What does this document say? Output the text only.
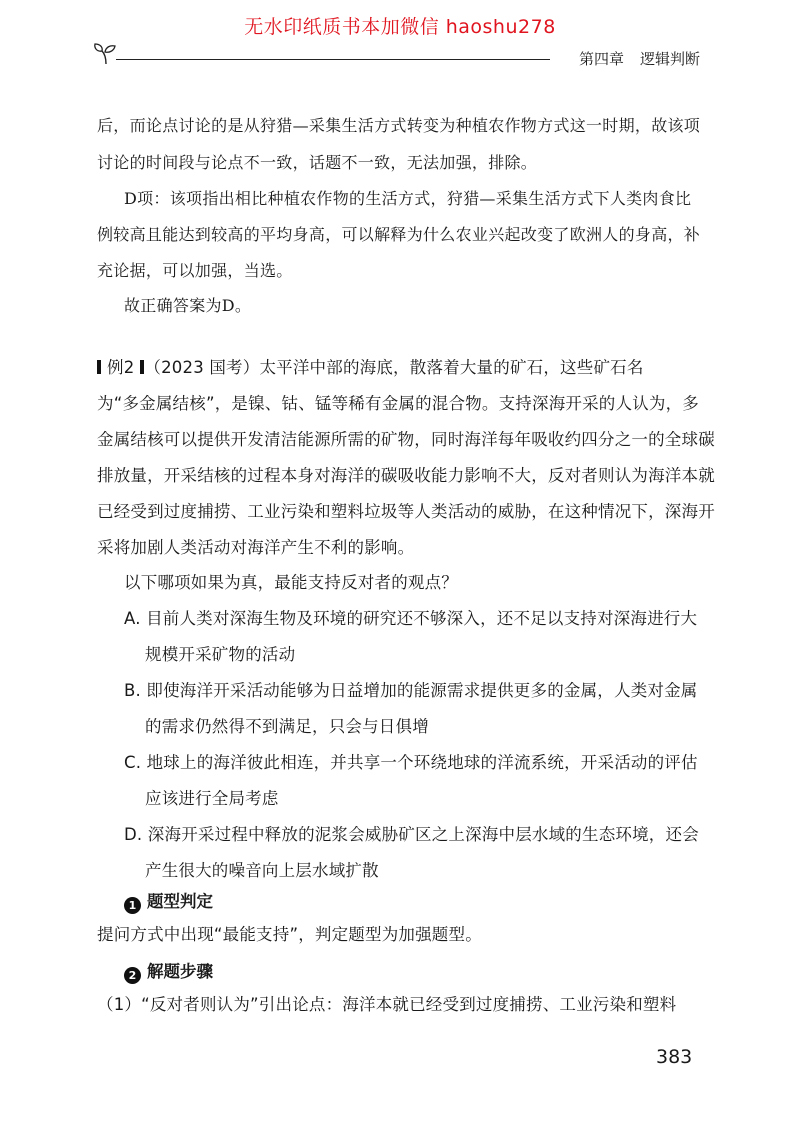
无水印纸质书本加微信 haoshu278
第四章 逻辑判断
后，而论点讨论的是从狩猎—采集生活方式转变为种植农作物方式这一时期，故该项
讨论的时间段与论点不一致，话题不一致，无法加强，排除。
D项：该项指出相比种植农作物的生活方式，狩猎—采集生活方式下人类肉食比
例较高且能达到较高的平均身高，可以解释为什么农业兴起改变了欧洲人的身高，补
充论据，可以加强，当选。
故正确答案为D。
例2 （2023 国考）太平洋中部的海底，散落着大量的矿石，这些矿石名
为“多金属结核”，是镍、钴、锰等稀有金属的混合物。支持深海开采的人认为，多
金属结核可以提供开发清洁能源所需的矿物，同时海洋每年吸收约四分之一的全球碳
排放量，开采结核的过程本身对海洋的碳吸收能力影响不大，反对者则认为海洋本就
已经受到过度捕捞、工业污染和塑料垃圾等人类活动的威胁，在这种情况下，深海开
采将加剧人类活动对海洋产生不利的影响。
以下哪项如果为真，最能支持反对者的观点？
A. 目前人类对深海生物及环境的研究还不够深入，还不足以支持对深海进行大
规模开采矿物的活动
B. 即使海洋开采活动能够为日益增加的能源需求提供更多的金属，人类对金属
的需求仍然得不到满足，只会与日俱增
C. 地球上的海洋彼此相连，并共享一个环绕地球的洋流系统，开采活动的评估
应该进行全局考虑
D. 深海开采过程中释放的泥浆会威胁矿区之上深海中层水域的生态环境，还会
产生很大的噪音向上层水域扩散
1 题型判定
提问方式中出现“最能支持”，判定题型为加强题型。
2 解题步骤
（1）“反对者则认为”引出论点：海洋本就已经受到过度捕捞、工业污染和塑料
383
